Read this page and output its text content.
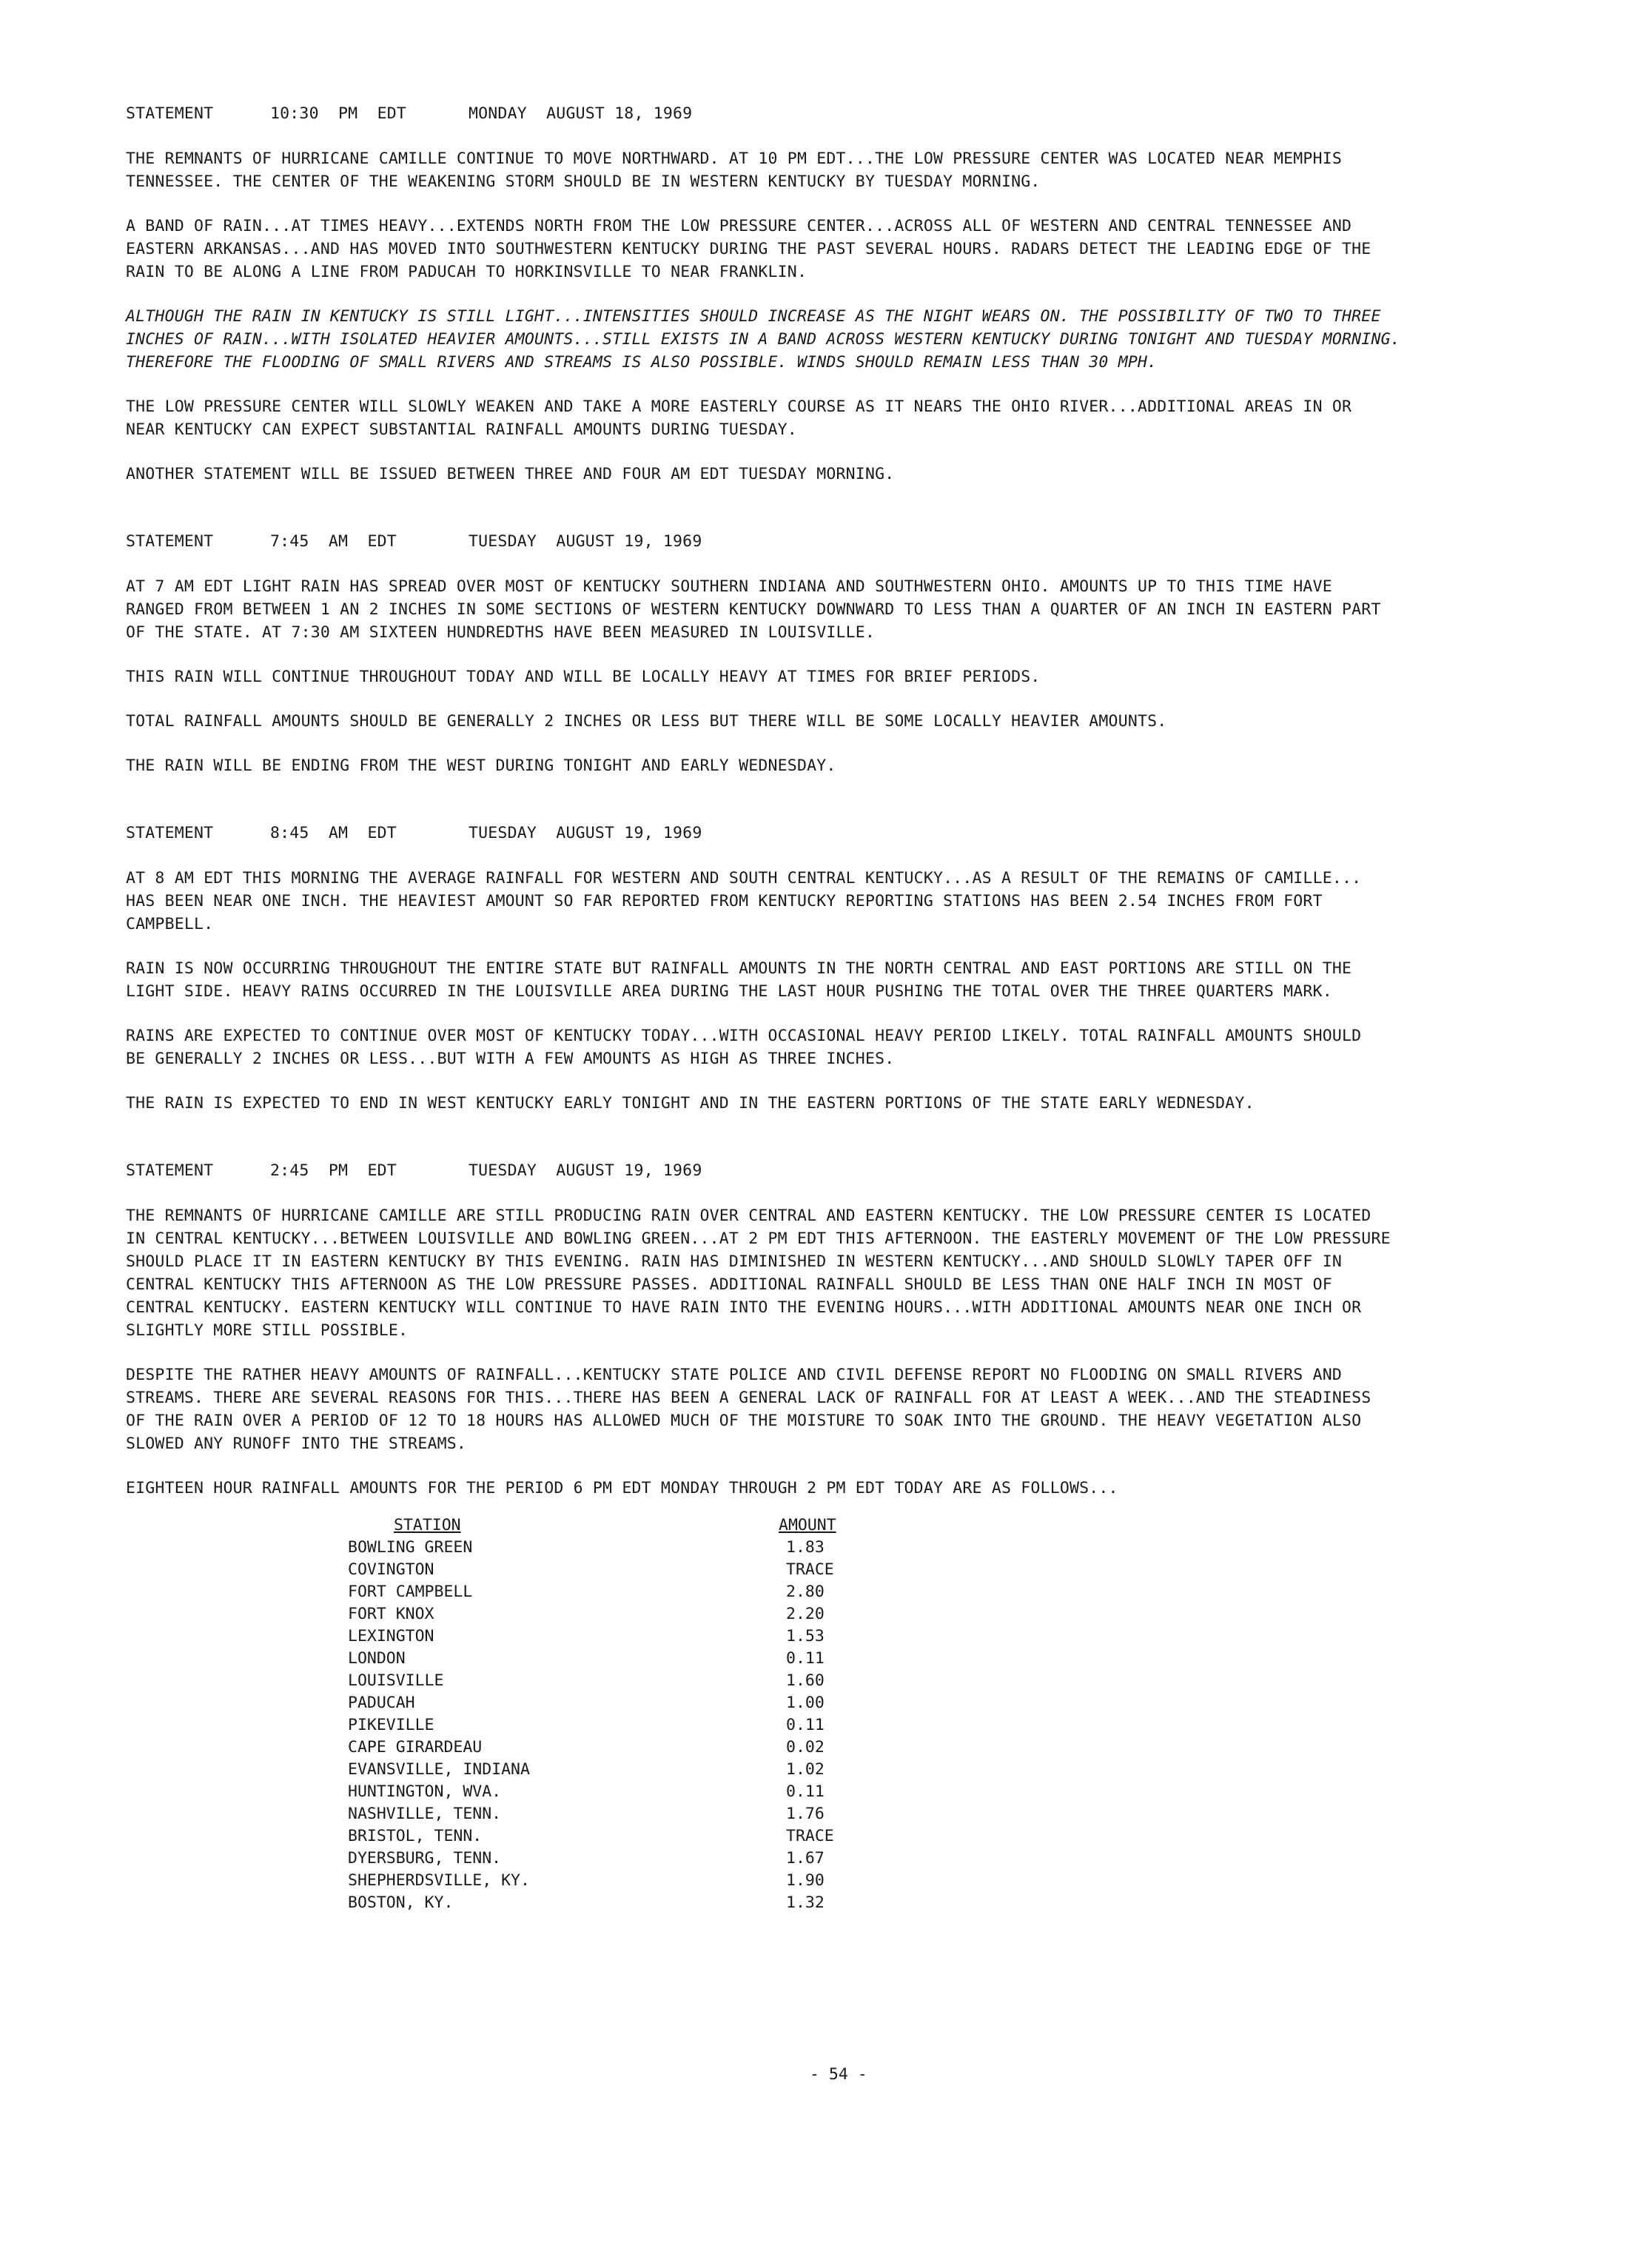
STATEMENT	10:30  PM  EDT	MONDAY  AUGUST 18, 1969
THE REMNANTS OF HURRICANE CAMILLE CONTINUE TO MOVE NORTHWARD. AT 10 PM EDT...THE LOW PRESSURE CENTER WAS LOCATED NEAR MEMPHIS
TENNESSEE. THE CENTER OF THE WEAKENING STORM SHOULD BE IN WESTERN KENTUCKY BY TUESDAY MORNING.
A BAND OF RAIN...AT TIMES HEAVY...EXTENDS NORTH FROM THE LOW PRESSURE CENTER...ACROSS ALL OF WESTERN AND CENTRAL TENNESSEE AND
EASTERN ARKANSAS...AND HAS MOVED INTO SOUTHWESTERN KENTUCKY DURING THE PAST SEVERAL HOURS. RADARS DETECT THE LEADING EDGE OF THE
RAIN TO BE ALONG A LINE FROM PADUCAH TO HORKINSVILLE TO NEAR FRANKLIN.
ALTHOUGH THE RAIN IN KENTUCKY IS STILL LIGHT...INTENSITIES SHOULD INCREASE AS THE NIGHT WEARS ON. THE POSSIBILITY OF TWO TO THREE
INCHES OF RAIN...WITH ISOLATED HEAVIER AMOUNTS...STILL EXISTS IN A BAND ACROSS WESTERN KENTUCKY DURING TONIGHT AND TUESDAY MORNING.
THEREFORE THE FLOODING OF SMALL RIVERS AND STREAMS IS ALSO POSSIBLE. WINDS SHOULD REMAIN LESS THAN 30 MPH.
THE LOW PRESSURE CENTER WILL SLOWLY WEAKEN AND TAKE A MORE EASTERLY COURSE AS IT NEARS THE OHIO RIVER...ADDITIONAL AREAS IN OR
NEAR KENTUCKY CAN EXPECT SUBSTANTIAL RAINFALL AMOUNTS DURING TUESDAY.
ANOTHER STATEMENT WILL BE ISSUED BETWEEN THREE AND FOUR AM EDT TUESDAY MORNING.
STATEMENT	7:45  AM  EDT	TUESDAY  AUGUST 19, 1969
AT 7 AM EDT LIGHT RAIN HAS SPREAD OVER MOST OF KENTUCKY SOUTHERN INDIANA AND SOUTHWESTERN OHIO. AMOUNTS UP TO THIS TIME HAVE
RANGED FROM BETWEEN 1 AN 2 INCHES IN SOME SECTIONS OF WESTERN KENTUCKY DOWNWARD TO LESS THAN A QUARTER OF AN INCH IN EASTERN PART
OF THE STATE. AT 7:30 AM SIXTEEN HUNDREDTHS HAVE BEEN MEASURED IN LOUISVILLE.
THIS RAIN WILL CONTINUE THROUGHOUT TODAY AND WILL BE LOCALLY HEAVY AT TIMES FOR BRIEF PERIODS.
TOTAL RAINFALL AMOUNTS SHOULD BE GENERALLY 2 INCHES OR LESS BUT THERE WILL BE SOME LOCALLY HEAVIER AMOUNTS.
THE RAIN WILL BE ENDING FROM THE WEST DURING TONIGHT AND EARLY WEDNESDAY.
STATEMENT	8:45  AM  EDT	TUESDAY  AUGUST 19, 1969
AT 8 AM EDT THIS MORNING THE AVERAGE RAINFALL FOR WESTERN AND SOUTH CENTRAL KENTUCKY...AS A RESULT OF THE REMAINS OF CAMILLE...
HAS BEEN NEAR ONE INCH. THE HEAVIEST AMOUNT SO FAR REPORTED FROM KENTUCKY REPORTING STATIONS HAS BEEN 2.54 INCHES FROM FORT
CAMPBELL.
RAIN IS NOW OCCURRING THROUGHOUT THE ENTIRE STATE BUT RAINFALL AMOUNTS IN THE NORTH CENTRAL AND EAST PORTIONS ARE STILL ON THE
LIGHT SIDE. HEAVY RAINS OCCURRED IN THE LOUISVILLE AREA DURING THE LAST HOUR PUSHING THE TOTAL OVER THE THREE QUARTERS MARK.
RAINS ARE EXPECTED TO CONTINUE OVER MOST OF KENTUCKY TODAY...WITH OCCASIONAL HEAVY PERIOD LIKELY. TOTAL RAINFALL AMOUNTS SHOULD
BE GENERALLY 2 INCHES OR LESS...BUT WITH A FEW AMOUNTS AS HIGH AS THREE INCHES.
THE RAIN IS EXPECTED TO END IN WEST KENTUCKY EARLY TONIGHT AND IN THE EASTERN PORTIONS OF THE STATE EARLY WEDNESDAY.
STATEMENT	2:45  PM  EDT	TUESDAY  AUGUST 19, 1969
THE REMNANTS OF HURRICANE CAMILLE ARE STILL PRODUCING RAIN OVER CENTRAL AND EASTERN KENTUCKY. THE LOW PRESSURE CENTER IS LOCATED
IN CENTRAL KENTUCKY...BETWEEN LOUISVILLE AND BOWLING GREEN...AT 2 PM EDT THIS AFTERNOON. THE EASTERLY MOVEMENT OF THE LOW PRESSURE
SHOULD PLACE IT IN EASTERN KENTUCKY BY THIS EVENING. RAIN HAS DIMINISHED IN WESTERN KENTUCKY...AND SHOULD SLOWLY TAPER OFF IN
CENTRAL KENTUCKY THIS AFTERNOON AS THE LOW PRESSURE PASSES. ADDITIONAL RAINFALL SHOULD BE LESS THAN ONE HALF INCH IN MOST OF
CENTRAL KENTUCKY. EASTERN KENTUCKY WILL CONTINUE TO HAVE RAIN INTO THE EVENING HOURS...WITH ADDITIONAL AMOUNTS NEAR ONE INCH OR
SLIGHTLY MORE STILL POSSIBLE.
DESPITE THE RATHER HEAVY AMOUNTS OF RAINFALL...KENTUCKY STATE POLICE AND CIVIL DEFENSE REPORT NO FLOODING ON SMALL RIVERS AND
STREAMS. THERE ARE SEVERAL REASONS FOR THIS...THERE HAS BEEN A GENERAL LACK OF RAINFALL FOR AT LEAST A WEEK...AND THE STEADINESS
OF THE RAIN OVER A PERIOD OF 12 TO 18 HOURS HAS ALLOWED MUCH OF THE MOISTURE TO SOAK INTO THE GROUND. THE HEAVY VEGETATION ALSO
SLOWED ANY RUNOFF INTO THE STREAMS.
EIGHTEEN HOUR RAINFALL AMOUNTS FOR THE PERIOD 6 PM EDT MONDAY THROUGH 2 PM EDT TODAY ARE AS FOLLOWS...
STATION	AMOUNT
BOWLING GREEN	1.83
COVINGTON	TRACE
FORT CAMPBELL	2.80
FORT KNOX	2.20
LEXINGTON	1.53
LONDON	0.11
LOUISVILLE	1.60
PADUCAH	1.00
PIKEVILLE	0.11
CAPE GIRARDEAU	0.02
EVANSVILLE, INDIANA	1.02
HUNTINGTON, WVA.	0.11
NASHVILLE, TENN.	1.76
BRISTOL, TENN.	TRACE
DYERSBURG, TENN.	1.67
SHEPHERDSVILLE, KY.	1.90
BOSTON, KY.	1.32
- 54 -
